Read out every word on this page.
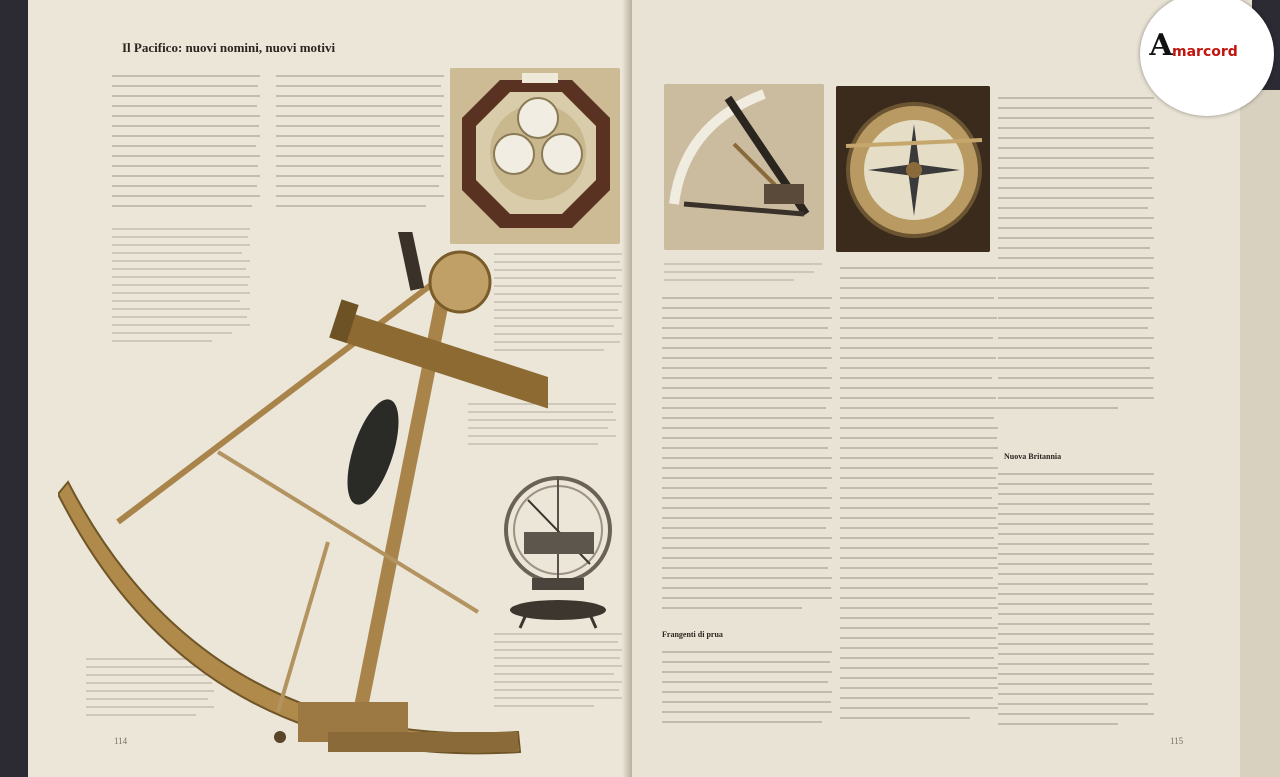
Il Pacifico: nuovi nomini, nuovi motivi
114
Frangenti di prua
Nuova Britannia
115
A marcord
